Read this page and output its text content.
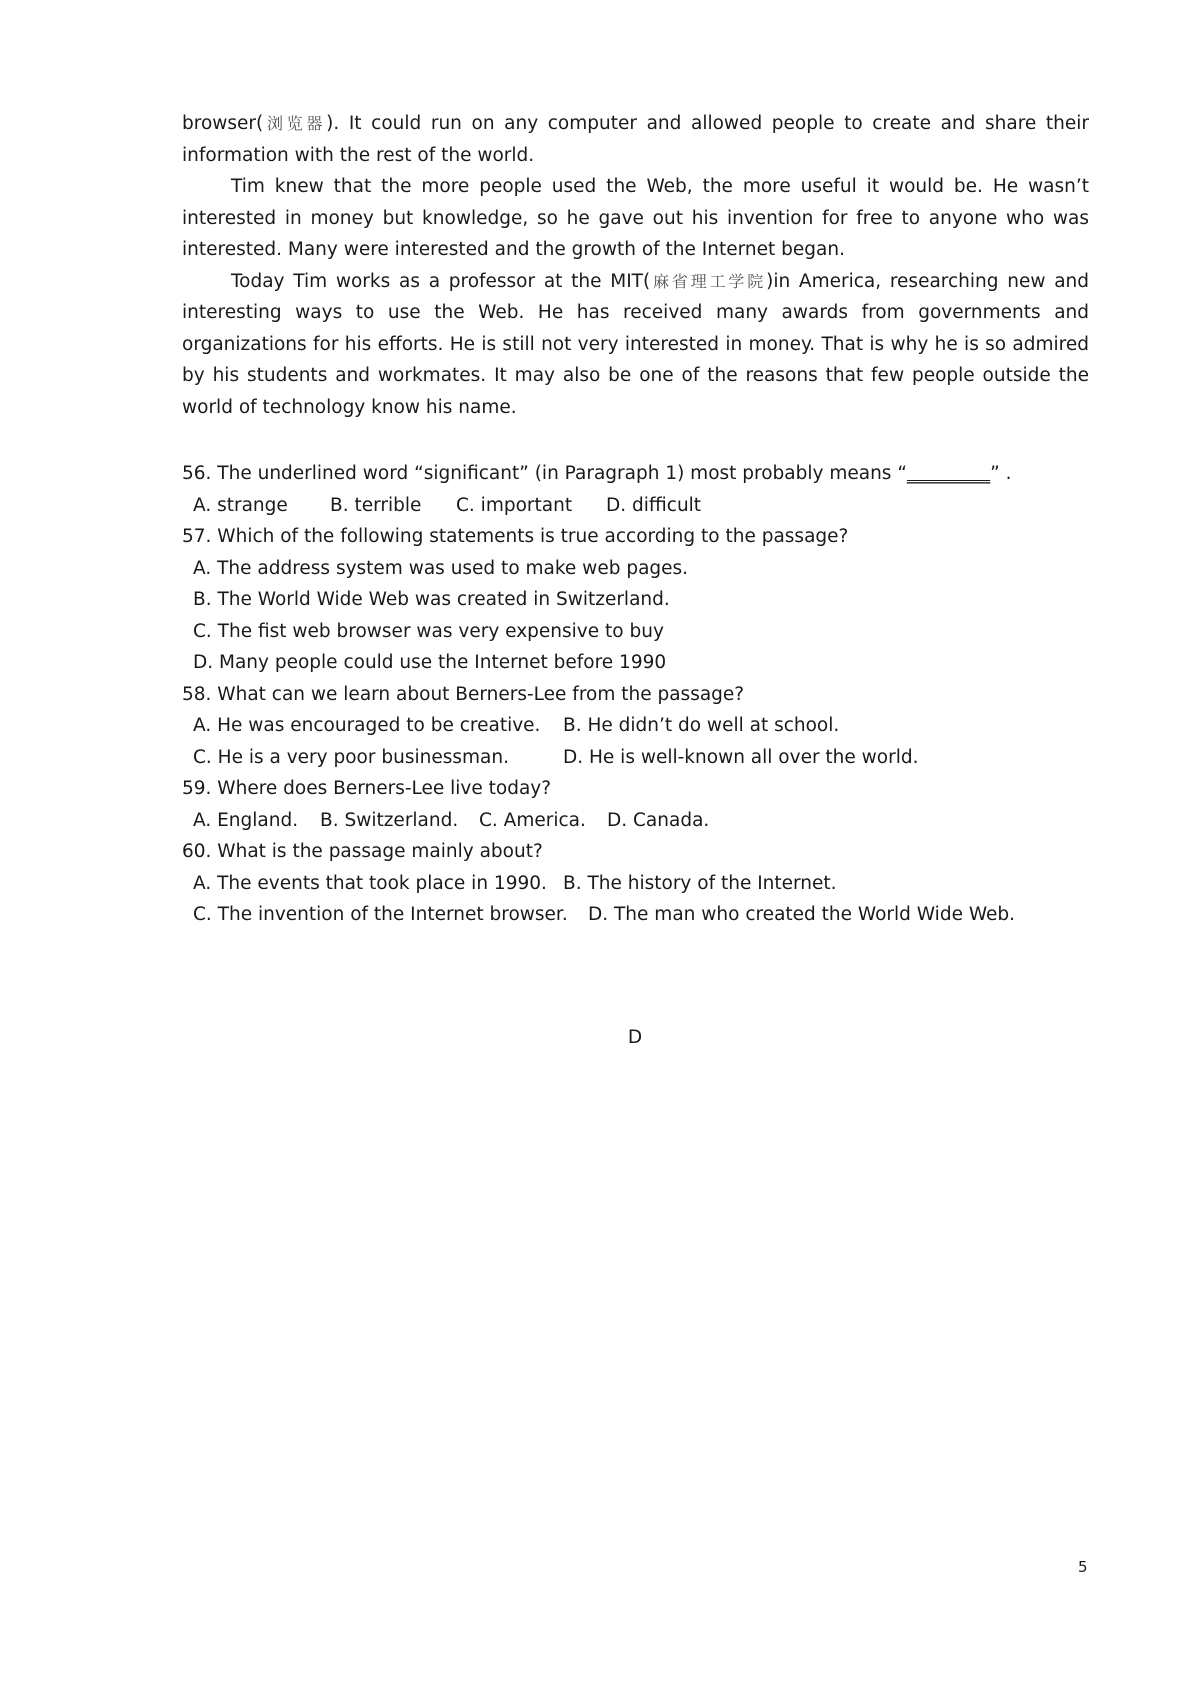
browser(浏览器). It could run on any computer and allowed people to create and share their information with the rest of the world.

Tim knew that the more people used the Web, the more useful it would be. He wasn’t interested in money but knowledge, so he gave out his invention for free to anyone who was interested. Many were interested and the growth of the Internet began.

Today Tim works as a professor at the MIT(麻省理工学院)in America, researching new and interesting ways to use the Web. He has received many awards from governments and organizations for his efforts. He is still not very interested in money. That is why he is so admired by his students and workmates. It may also be one of the reasons that few people outside the world of technology know his name.

56. The underlined word “significant” (in Paragraph 1) most probably means “_________” .

A. strange B. terrible C. important D. difficult

57. Which of the following statements is true according to the passage?

A. The address system was used to make web pages.

B. The World Wide Web was created in Switzerland.

C. The fist web browser was very expensive to buy

D. Many people could use the Internet before 1990

58. What can we learn about Berners-Lee from the passage?

A. He was encouraged to be creative. B. He didn’t do well at school.

C. He is a very poor businessman.	D. He is well-known all over the world.

59. Where does Berners-Lee live today?

A. England. B. Switzerland. C. America. D. Canada.

60. What is the passage mainly about?

A. The events that took place in 1990. B. The history of the Internet.

C. The invention of the Internet browser. D. The man who created the World Wide Web.

D
5
